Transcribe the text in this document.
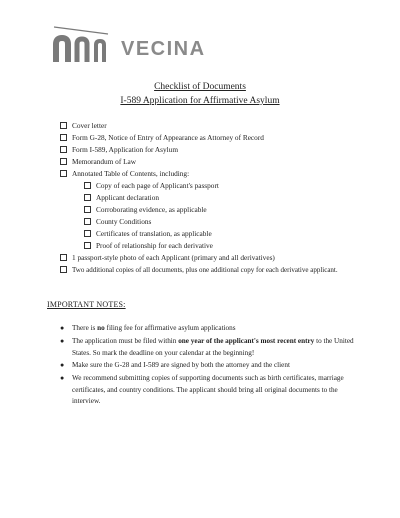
VECINA
Checklist of Documents
I-589 Application for Affirmative Asylum
Cover letter
Form G-28, Notice of Entry of Appearance as Attorney of Record
Form I-589, Application for Asylum
Memorandum of Law
Annotated Table of Contents, including:
Copy of each page of Applicant's passport
Applicant declaration
Corroborating evidence, as applicable
County Conditions
Certificates of translation, as applicable
Proof of relationship for each derivative
1 passport-style photo of each Applicant (primary and all derivatives)
Two additional copies of all documents, plus one additional copy for each derivative applicant.
IMPORTANT NOTES:
● There is no filing fee for affirmative asylum applications
● The application must be filed within one year of the applicant's most recent entry to the United States. So mark the deadline on your calendar at the beginning!
● Make sure the G-28 and I-589 are signed by both the attorney and the client
● We recommend submitting copies of supporting documents such as birth certificates, marriage certificates, and country conditions. The applicant should bring all original documents to the interview.
